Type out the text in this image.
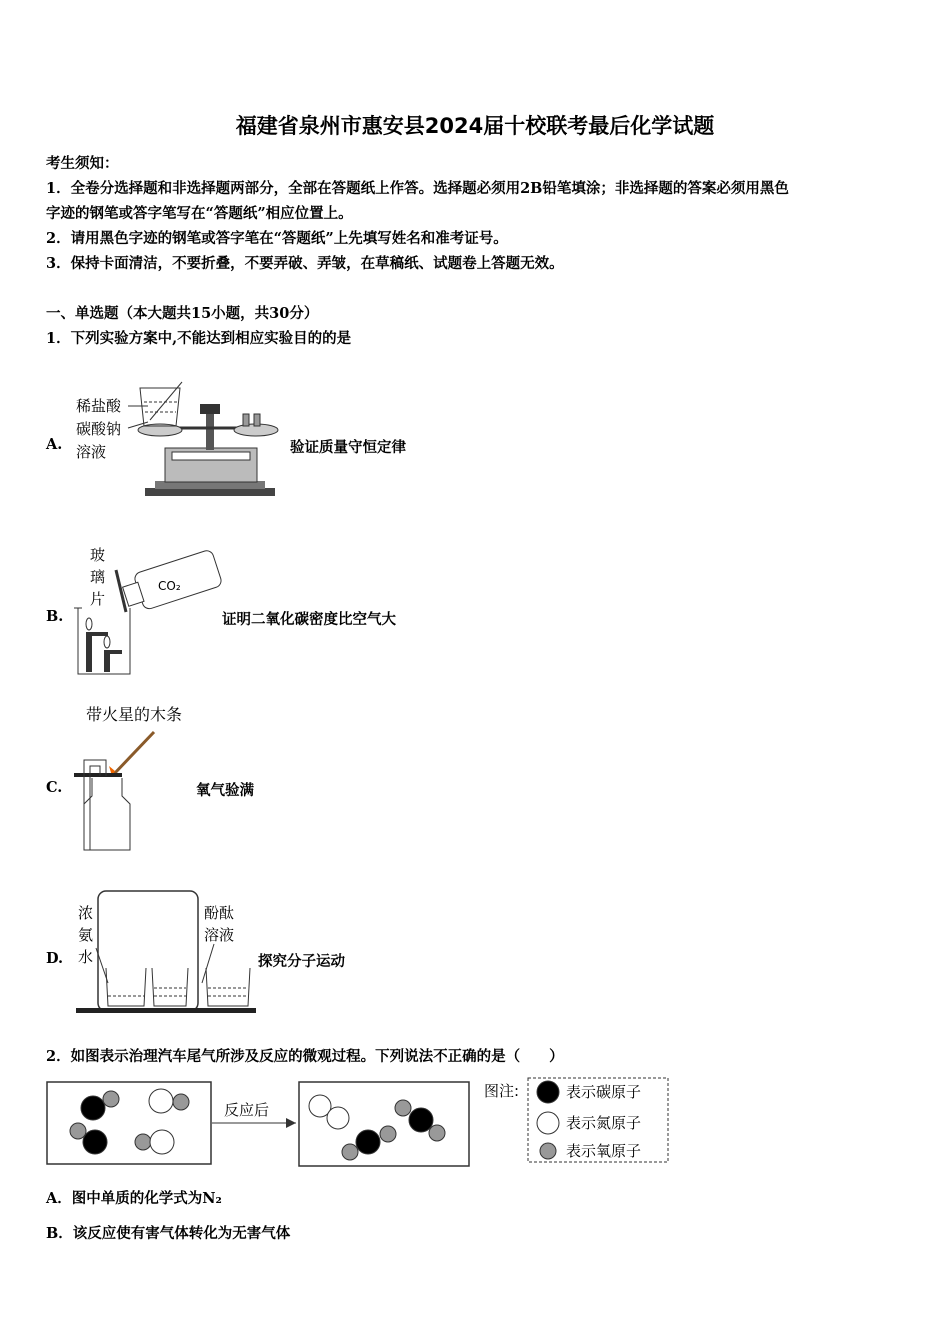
福建省泉州市惠安县2024届十校联考最后化学试题
考生须知：
1．全卷分选择题和非选择题两部分，全部在答题纸上作答。选择题必须用2B铅笔填涂；非选择题的答案必须用黑色
字迹的钢笔或答字笔写在“答题纸”相应位置上。
2．请用黑色字迹的钢笔或答字笔在“答题纸”上先填写姓名和准考证号。
3．保持卡面清洁，不要折叠，不要弄破、弄皱，在草稿纸、试题卷上答题无效。
一、单选题（本大题共15小题，共30分）
1．下列实验方案中,不能达到相应实验目的的是
A.
稀盐酸
碳酸钠
溶液	验证质量守恒定律
B.
CO₂
玻
璃
片
证明二氧化碳密度比空气大
C.
带火星的木条
氧气验满
D.
浓
氨
水
酚酞
溶液
探究分子运动
2．如图表示治理汽车尾气所涉及反应的微观过程。下列说法不正确的是（　　）
反应后
图注:	表示碳原子
表示氮原子
表示氧原子
A．图中单质的化学式为N₂
B．该反应使有害气体转化为无害气体
